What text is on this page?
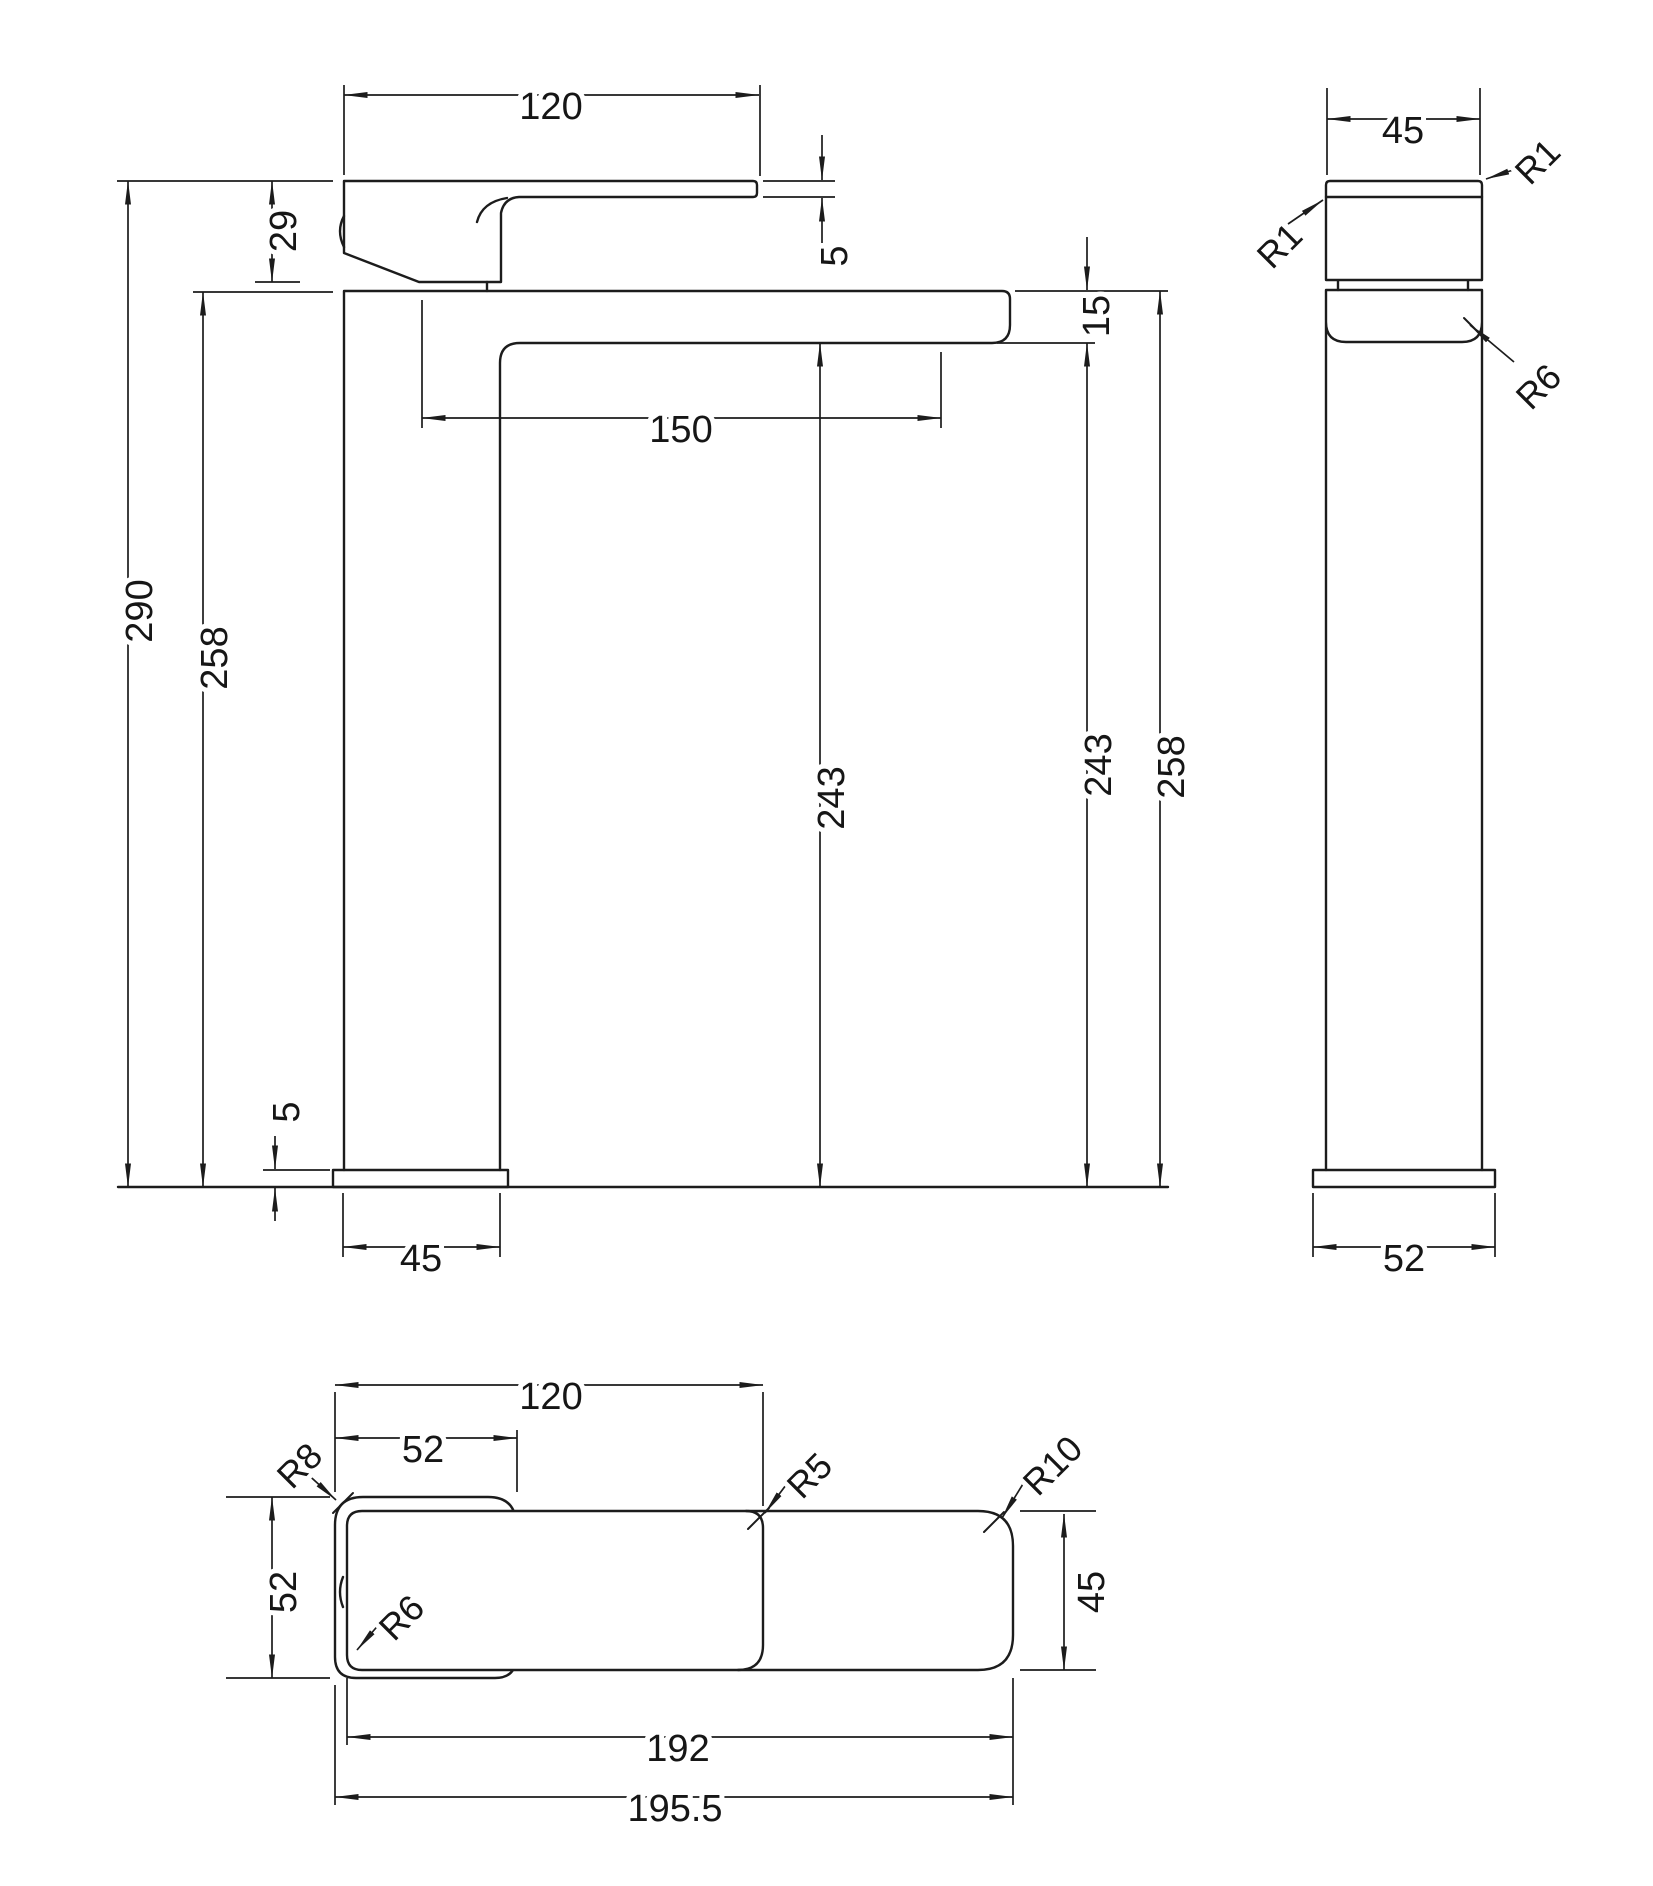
120
150
29
5
15
290
258
243
243 258
5
45
45
R1
R1
R6
52
120
52
R8	R5	R10
52 R6	45
192
195.5
